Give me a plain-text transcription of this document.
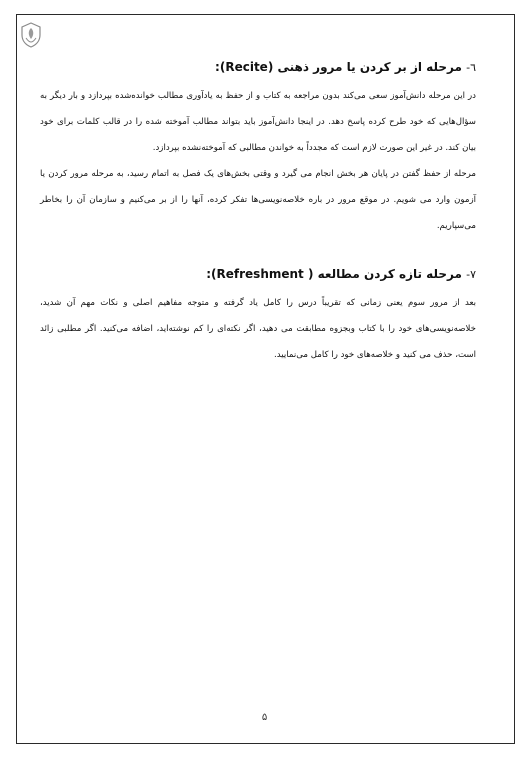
٦- مرحله از بر کردن یا مرور ذهنی (Recite):

در این مرحله دانش‌آموز سعی می‌کند بدون مراجعه به کتاب و از حفظ به یادآوری مطالب خوانده‌شده بپردازد و بار دیگر به سؤال‌هایی که خود طرح کرده پاسخ دهد. در اینجا دانش‌آموز باید بتواند مطالب آموخته شده را در قالب کلمات برای خود بیان کند. در غیر این صورت لازم است که مجدداً به خواندن مطالبی که آموخته‌نشده بپردازد.

مرحله از حفظ گفتن در پایان هر بخش انجام می گیرد و وقتی بخش‌های یک فصل به اتمام رسید، به مرحله مرور کردن یا آزمون وارد می شویم. در موقع مرور در باره خلاصه‌نویسی‌ها تفکر کرده، آنها را از بر می‌کنیم و سازمان آن را بخاطر می‌سپاریم.

٧- مرحله تازه کردن مطالعه ( Refreshment):

بعد از مرور سوم یعنی زمانی که تقریباً درس را کامل یاد گرفته و متوجه مفاهیم اصلی و نکات مهم آن شدید، خلاصه‌نویسی‌های خود را با کتاب وبجزوه مطابقت می دهید، اگر نکته‌ای را کم نوشته‌اید، اضافه می‌کنید. اگر مطلبی زائد است، حذف می کنید و خلاصه‌های خود را کامل می‌نمایید.

۵
